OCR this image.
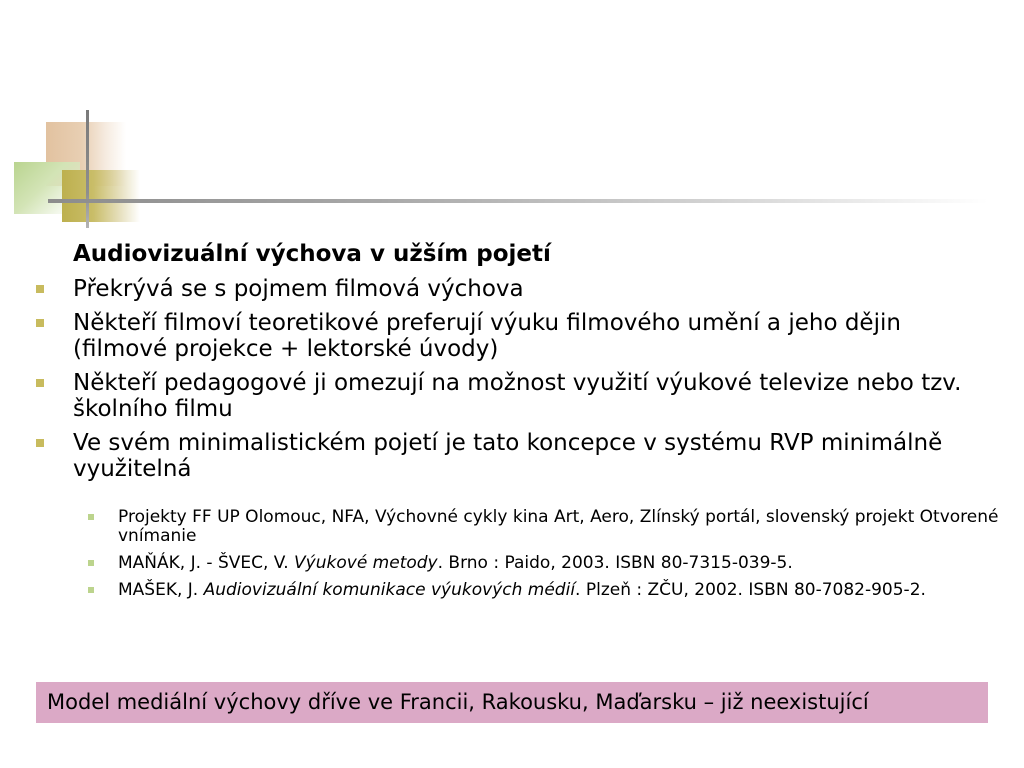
Audiovizuální výchova v užším pojetí
Překrývá se s pojmem filmová výchova
Někteří filmoví teoretikové preferují výuku filmového umění a jeho dějin (filmové projekce + lektorské úvody)
Někteří pedagogové ji omezují na možnost využití výukové televize nebo tzv. školního filmu
Ve svém minimalistickém pojetí je tato koncepce v systému RVP minimálně využitelná
Projekty FF UP Olomouc, NFA, Výchovné cykly kina Art, Aero, Zlínský portál, slovenský projekt Otvorené vnímanie
MAŇÁK, J. - ŠVEC, V. Výukové metody. Brno : Paido, 2003. ISBN 80-7315-039-5.
MAŠEK, J. Audiovizuální komunikace výukových médií. Plzeň : ZČU, 2002. ISBN 80-7082-905-2.
Model mediální výchovy dříve ve Francii, Rakousku, Maďarsku – již neexistující
